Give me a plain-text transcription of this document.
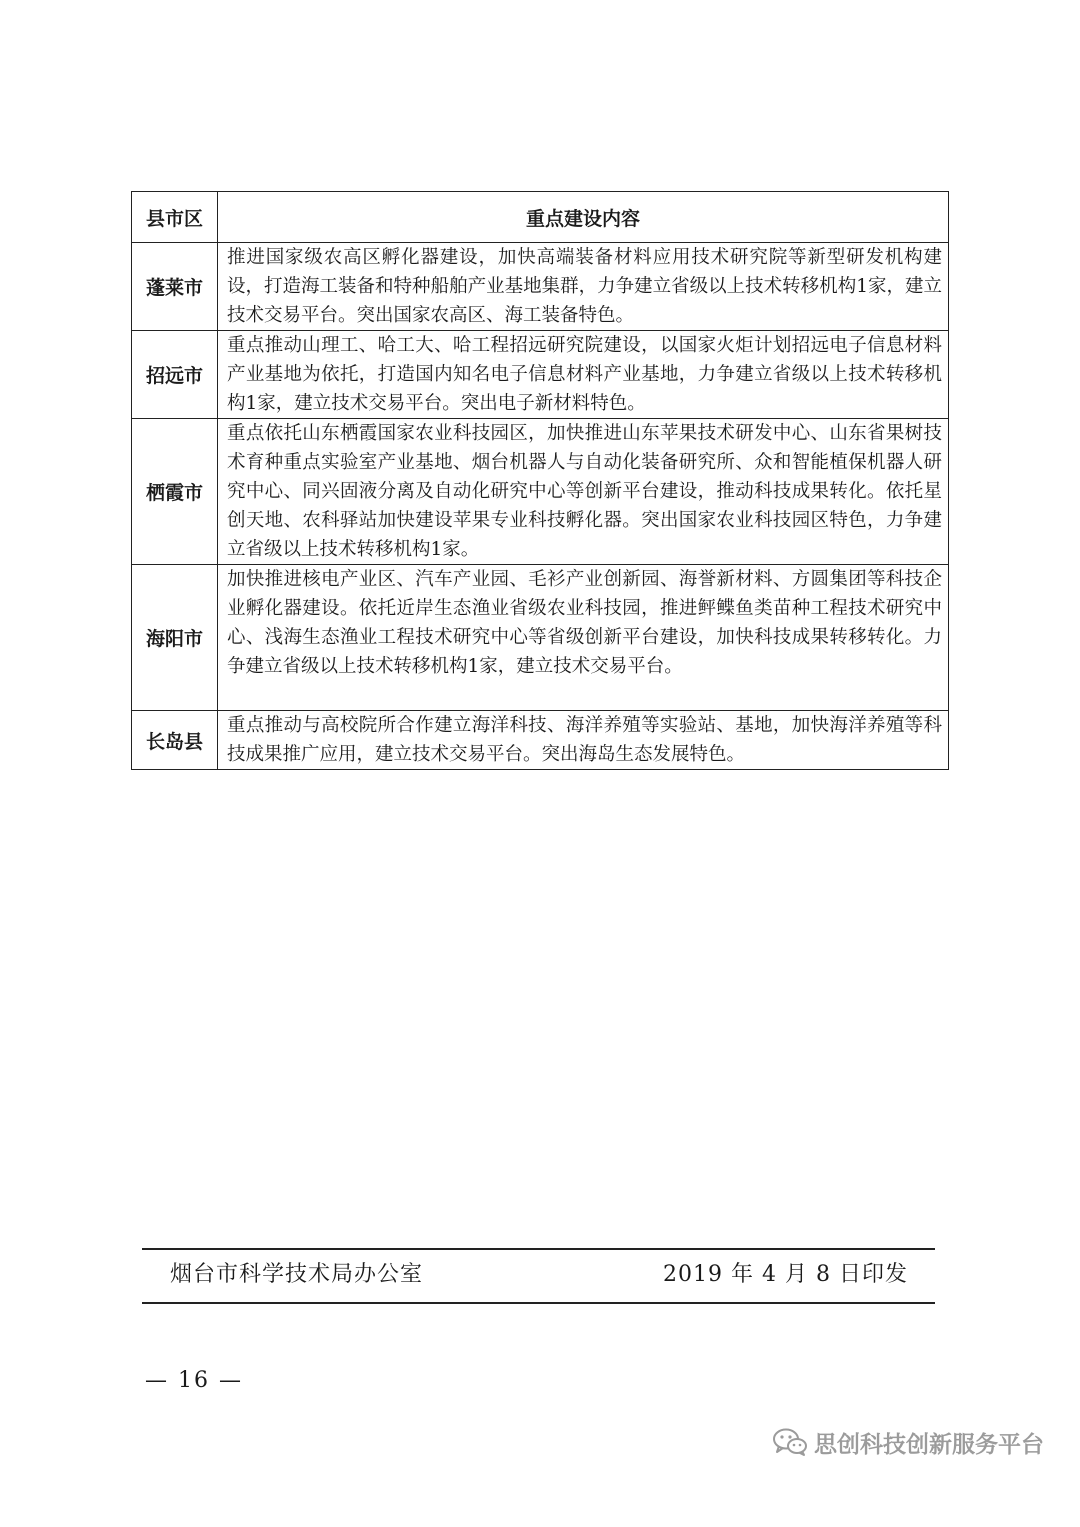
县市区	重点建设内容
蓬莱市	推进国家级农高区孵化器建设，加快高端装备材料应用技术研究院等新型研发机构建设，打造海工装备和特种船舶产业基地集群，力争建立省级以上技术转移机构1家，建立技术交易平台。突出国家农高区、海工装备特色。
招远市	重点推动山理工、哈工大、哈工程招远研究院建设，以国家火炬计划招远电子信息材料产业基地为依托，打造国内知名电子信息材料产业基地，力争建立省级以上技术转移机构1家，建立技术交易平台。突出电子新材料特色。
栖霞市	重点依托山东栖霞国家农业科技园区，加快推进山东苹果技术研发中心、山东省果树技术育种重点实验室产业基地、烟台机器人与自动化装备研究所、众和智能植保机器人研究中心、同兴固液分离及自动化研究中心等创新平台建设，推动科技成果转化。依托星创天地、农科驿站加快建设苹果专业科技孵化器。突出国家农业科技园区特色，力争建立省级以上技术转移机构1家。
海阳市	加快推进核电产业区、汽车产业园、毛衫产业创新园、海誉新材料、方圆集团等科技企业孵化器建设。依托近岸生态渔业省级农业科技园，推进鲆鲽鱼类苗种工程技术研究中心、浅海生态渔业工程技术研究中心等省级创新平台建设，加快科技成果转移转化。力争建立省级以上技术转移机构1家，建立技术交易平台。
长岛县	重点推动与高校院所合作建立海洋科技、海洋养殖等实验站、基地，加快海洋养殖等科技成果推广应用，建立技术交易平台。突出海岛生态发展特色。
烟台市科学技术局办公室	2019 年 4 月 8 日印发
— 16 —
思创科技创新服务平台
